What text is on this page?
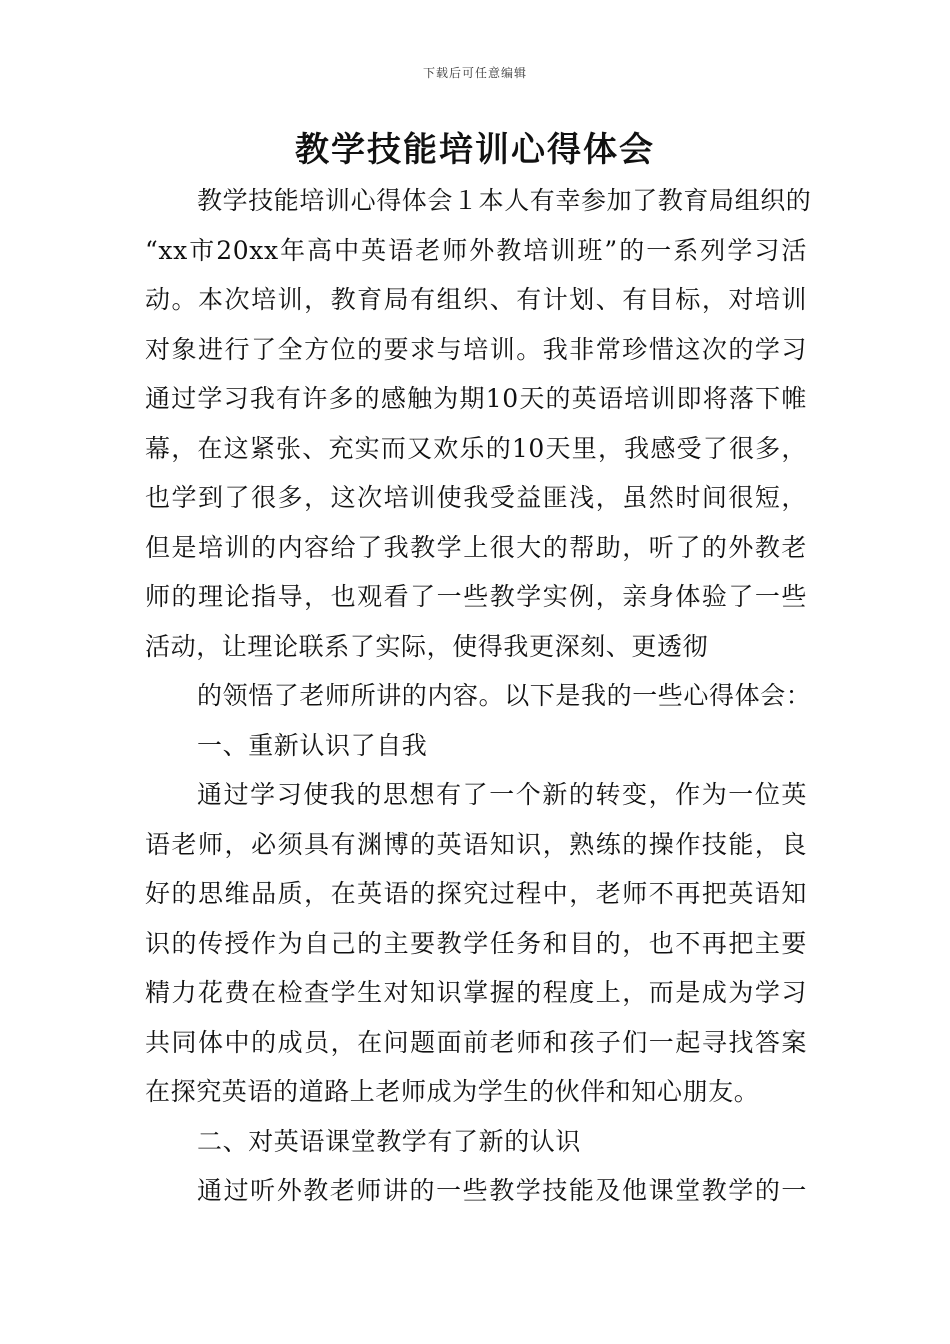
下载后可任意编辑
教学技能培训心得体会
教学技能培训心得体会１本人有幸参加了教育局组织的
“xx市20xx年高中英语老师外教培训班”的一系列学习活
动。本次培训，教育局有组织、有计划、有目标，对培训
对象进行了全方位的要求与培训。我非常珍惜这次的学习
通过学习我有许多的感触为期10天的英语培训即将落下帷
幕，在这紧张、充实而又欢乐的10天里，我感受了很多，
也学到了很多，这次培训使我受益匪浅，虽然时间很短，
但是培训的内容给了我教学上很大的帮助，听了的外教老
师的理论指导，也观看了一些教学实例，亲身体验了一些
活动，让理论联系了实际，使得我更深刻、更透彻
的领悟了老师所讲的内容。以下是我的一些心得体会：
一、重新认识了自我
通过学习使我的思想有了一个新的转变，作为一位英
语老师，必须具有渊博的英语知识，熟练的操作技能，良
好的思维品质，在英语的探究过程中，老师不再把英语知
识的传授作为自己的主要教学任务和目的，也不再把主要
精力花费在检查学生对知识掌握的程度上，而是成为学习
共同体中的成员，在问题面前老师和孩子们一起寻找答案
在探究英语的道路上老师成为学生的伙伴和知心朋友。
二、对英语课堂教学有了新的认识
通过听外教老师讲的一些教学技能及他课堂教学的一
